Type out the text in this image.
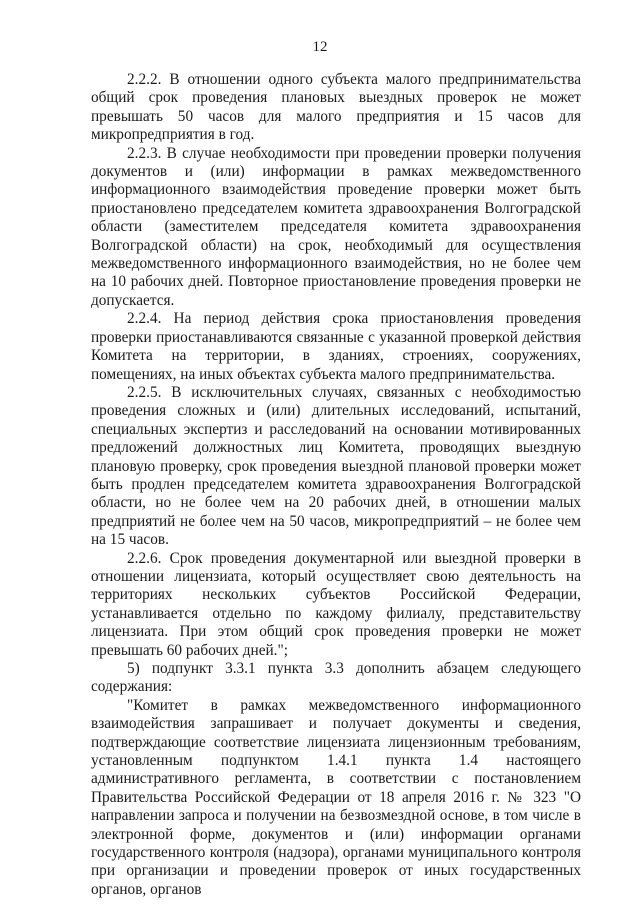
12

2.2.2. В отношении одного субъекта малого предпринимательства общий срок проведения плановых выездных проверок не может превышать 50 часов для малого предприятия и 15 часов для микропредприятия в год.

2.2.3. В случае необходимости при проведении проверки получения документов и (или) информации в рамках межведомственного информационного взаимодействия проведение проверки может быть приостановлено председателем комитета здравоохранения Волгоградской области (заместителем председателя комитета здравоохранения Волгоградской области) на срок, необходимый для осуществления межведомственного информационного взаимодействия, но не более чем на 10 рабочих дней. Повторное приостановление проведения проверки не допускается.

2.2.4. На период действия срока приостановления проведения проверки приостанавливаются связанные с указанной проверкой действия Комитета на территории, в зданиях, строениях, сооружениях, помещениях, на иных объектах субъекта малого предпринимательства.

2.2.5. В исключительных случаях, связанных с необходимостью проведения сложных и (или) длительных исследований, испытаний, специальных экспертиз и расследований на основании мотивированных предложений должностных лиц Комитета, проводящих выездную плановую проверку, срок проведения выездной плановой проверки может быть продлен председателем комитета здравоохранения Волгоградской области, но не более чем на 20 рабочих дней, в отношении малых предприятий не более чем на 50 часов, микропредприятий – не более чем на 15 часов.

2.2.6. Срок проведения документарной или выездной проверки в отношении лицензиата, который осуществляет свою деятельность на территориях нескольких субъектов Российской Федерации, устанавливается отдельно по каждому филиалу, представительству лицензиата. При этом общий срок проведения проверки не может превышать 60 рабочих дней.";

5) подпункт 3.3.1 пункта 3.3 дополнить абзацем следующего содержания:

"Комитет в рамках межведомственного информационного взаимодействия запрашивает и получает документы и сведения, подтверждающие соответствие лицензиата лицензионным требованиям, установленным подпунктом 1.4.1 пункта 1.4 настоящего административного регламента, в соответствии с постановлением Правительства Российской Федерации от 18 апреля 2016 г. № 323 "О направлении запроса и получении на безвозмездной основе, в том числе в электронной форме, документов и (или) информации органами государственного контроля (надзора), органами муниципального контроля при организации и проведении проверок от иных государственных органов, органов
